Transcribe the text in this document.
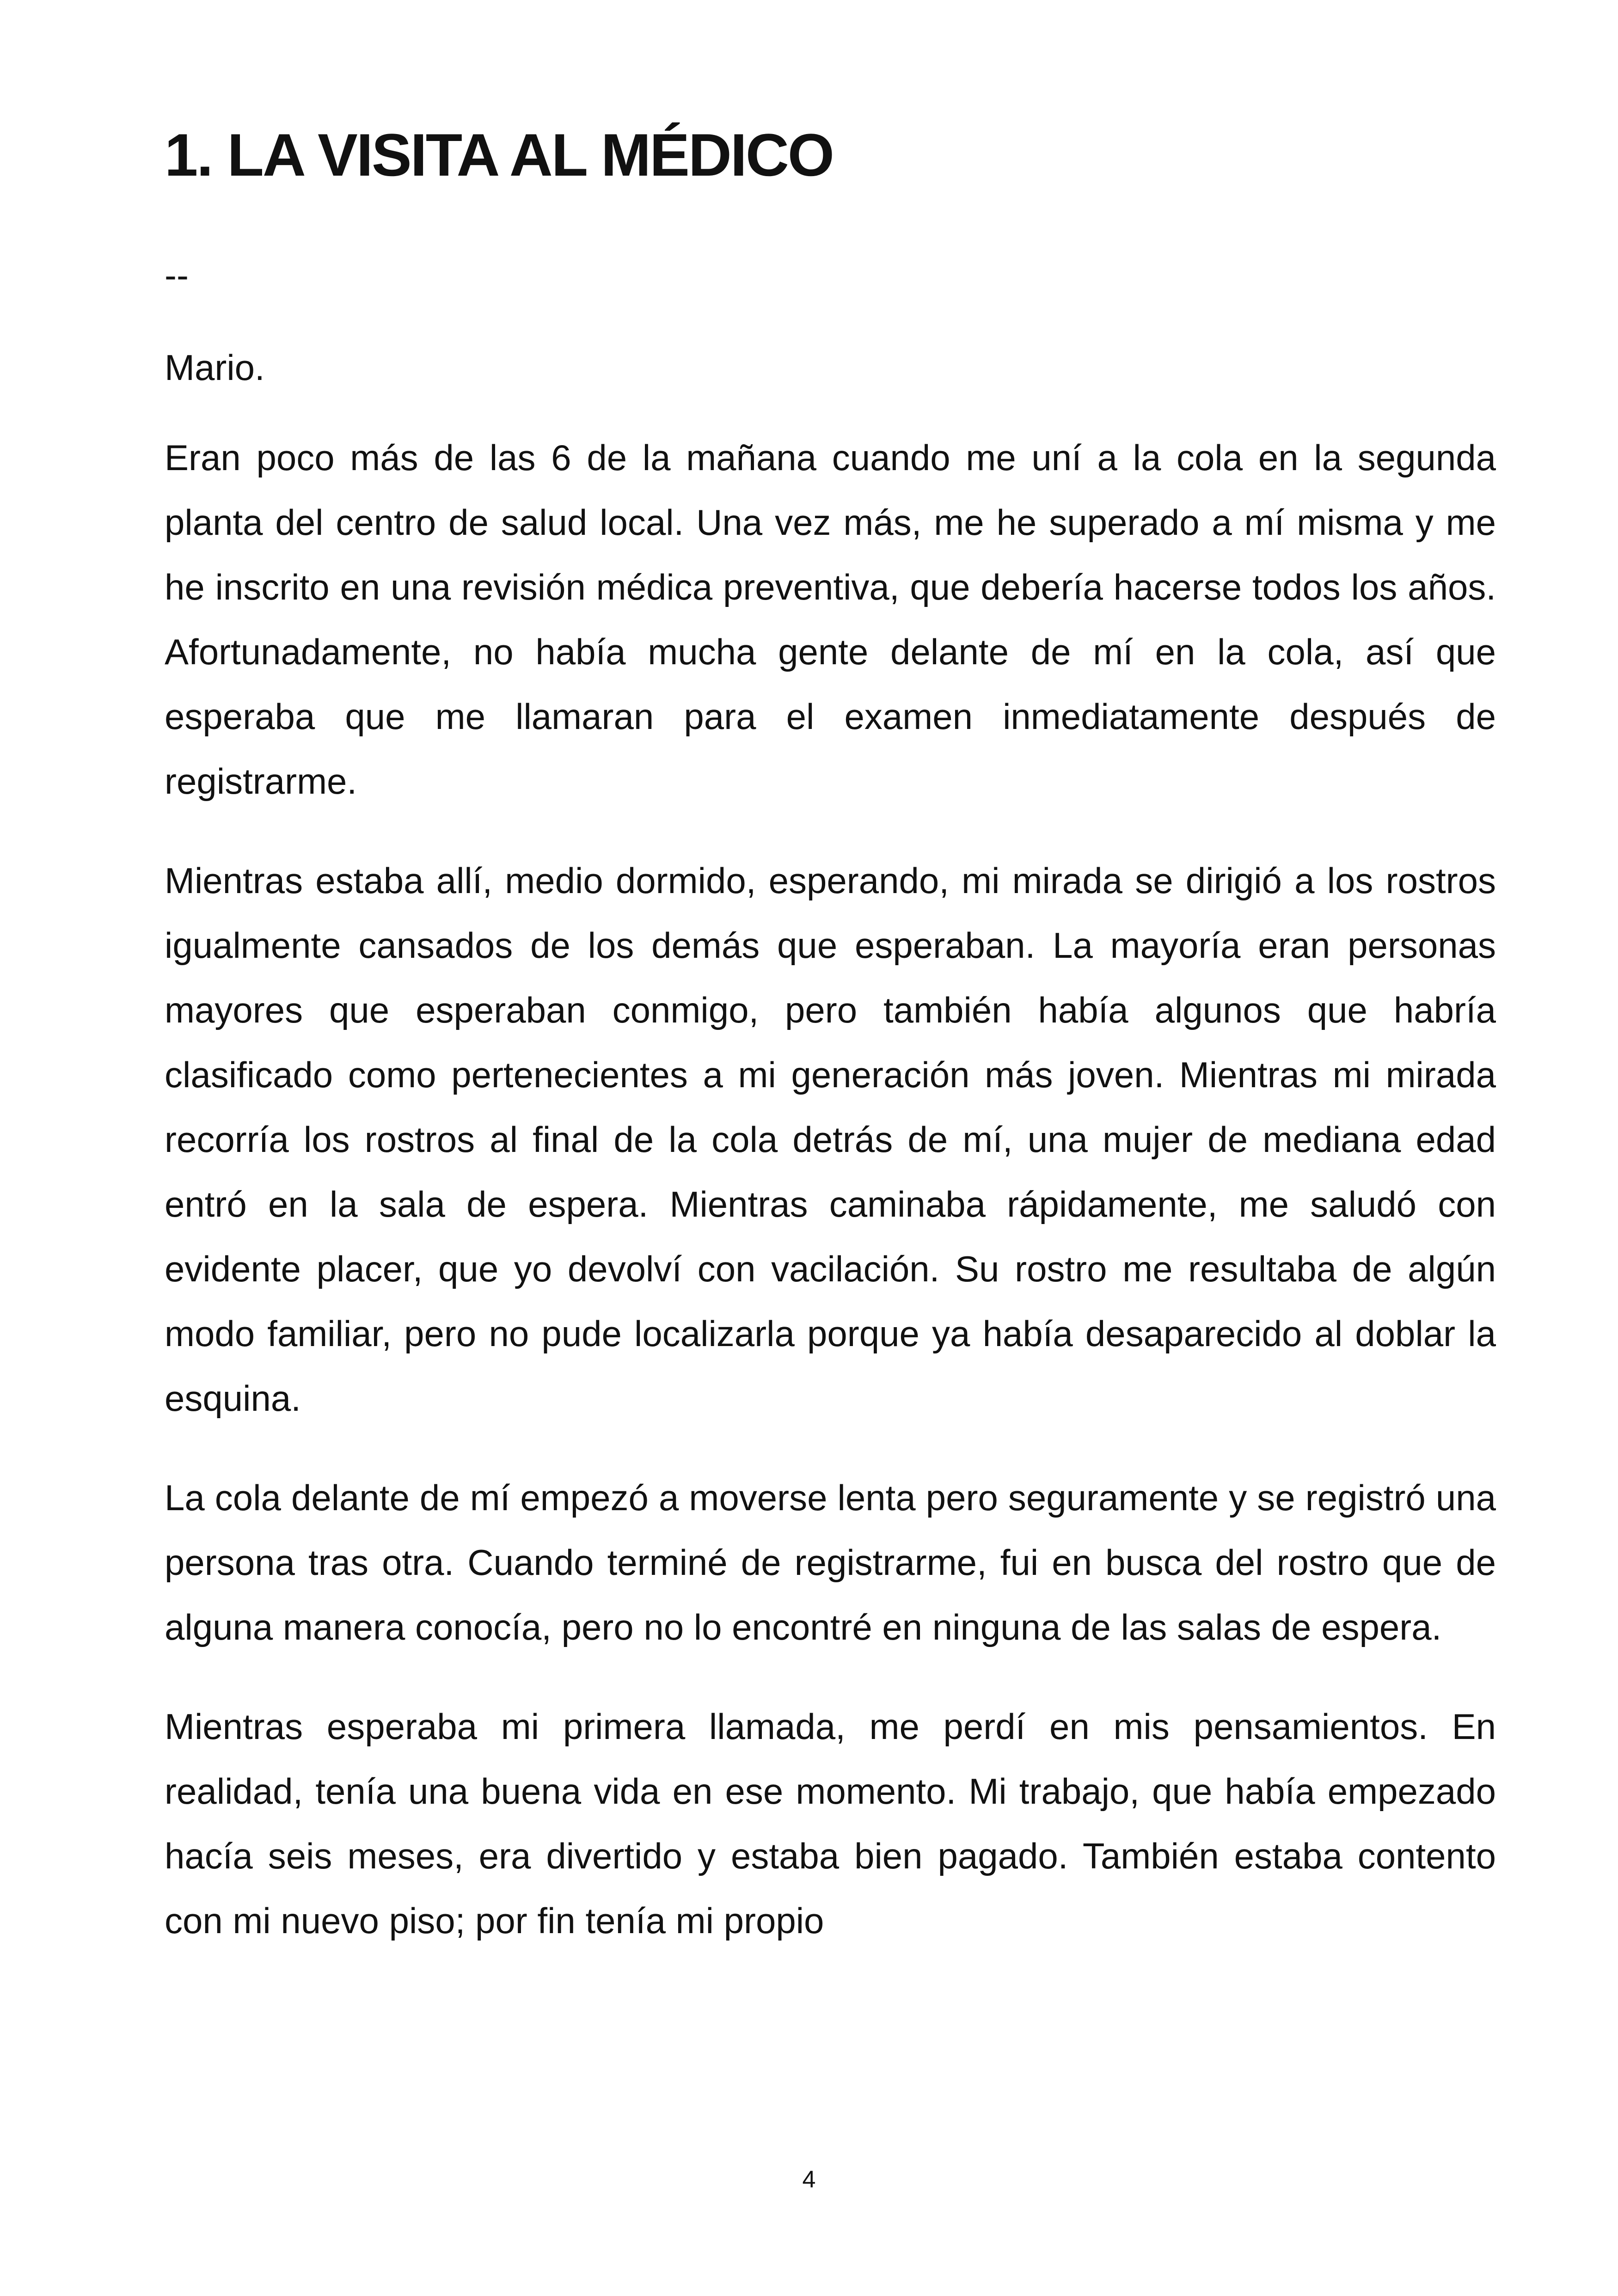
1. LA VISITA AL MÉDICO

--

Mario.

Eran poco más de las 6 de la mañana cuando me uní a la cola en la segunda planta del centro de salud local. Una vez más, me he superado a mí misma y me he inscrito en una revisión médica preventiva, que debería hacerse todos los años. Afortunadamente, no había mucha gente delante de mí en la cola, así que esperaba que me llamaran para el examen inmediatamente después de registrarme.

Mientras estaba allí, medio dormido, esperando, mi mirada se dirigió a los rostros igualmente cansados de los demás que esperaban. La mayoría eran personas mayores que esperaban conmigo, pero también había algunos que habría clasificado como pertenecientes a mi generación más joven. Mientras mi mirada recorría los rostros al final de la cola detrás de mí, una mujer de mediana edad entró en la sala de espera. Mientras caminaba rápidamente, me saludó con evidente placer, que yo devolví con vacilación. Su rostro me resultaba de algún modo familiar, pero no pude localizarla porque ya había desaparecido al doblar la esquina.

La cola delante de mí empezó a moverse lenta pero seguramente y se registró una persona tras otra. Cuando terminé de registrarme, fui en busca del rostro que de alguna manera conocía, pero no lo encontré en ninguna de las salas de espera.

Mientras esperaba mi primera llamada, me perdí en mis pensamientos. En realidad, tenía una buena vida en ese momento. Mi trabajo, que había empezado hacía seis meses, era divertido y estaba bien pagado. También estaba contento con mi nuevo piso; por fin tenía mi propio

4
